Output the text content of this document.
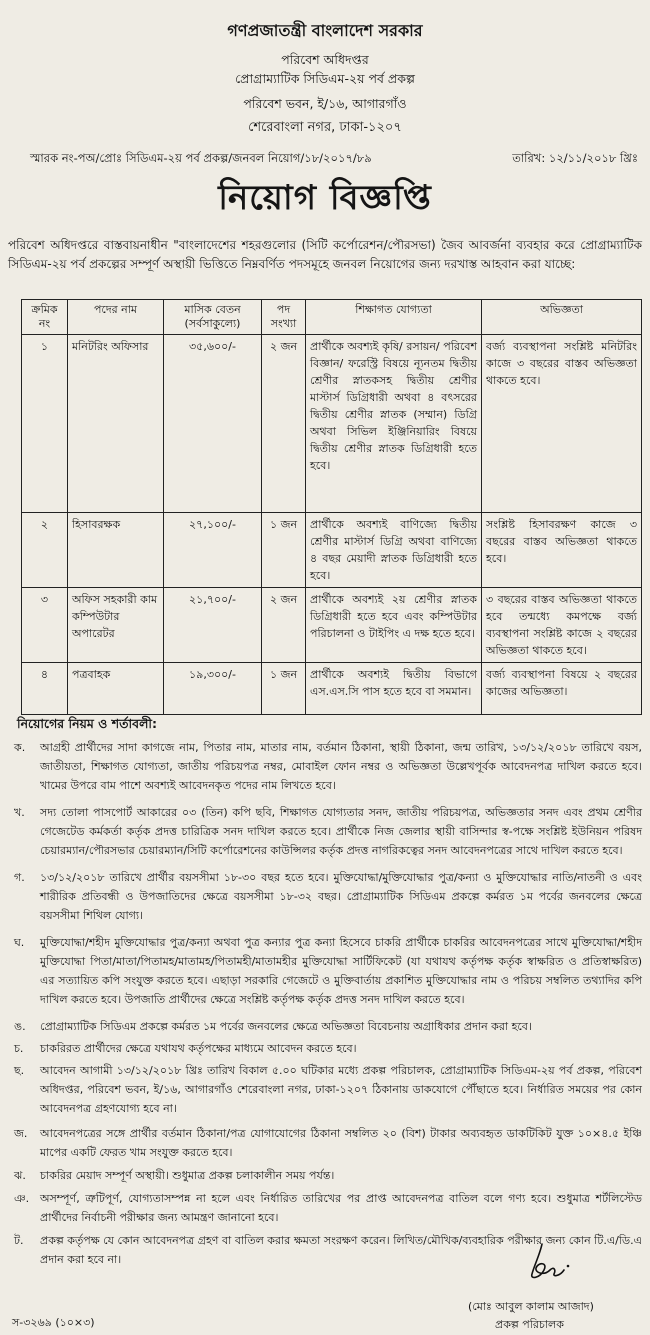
গণপ্রজাতন্ত্রী বাংলাদেশ সরকার
পরিবেশ অধিদপ্তর
প্রোগ্রাম্যাটিক সিডিএম-২য় পর্ব প্রকল্প
পরিবেশ ভবন, ই/১৬, আগারগাঁও
শেরেবাংলা নগর, ঢাকা-১২০৭
স্মারক নং-পঅ/প্রোঃ সিডিএম-২য় পর্ব প্রকল্প/জনবল নিয়োগ/১৮/২০১৭/৮৯	তারিখ: ১২/১১/২০১৮ খ্রিঃ
নিয়োগ বিজ্ঞপ্তি
পরিবেশ অধিদপ্তরে বাস্তবায়নাধীন "বাংলাদেশের শহরগুলোর (সিটি কর্পোরেশন/পৌরসভা) জৈব আবর্জনা ব্যবহার করে প্রোগ্রাম্যাটিক সিডিএম-২য় পর্ব প্রকল্পের সম্পূর্ণ অস্থায়ী ভিত্তিতে নিম্নবর্ণিত পদসমূহে জনবল নিয়োগের জন্য দরখাস্ত আহবান করা যাচ্ছে:
ক্রমিক নং	পদের নাম	মাসিক বেতন (সর্বসাকুল্যে)	পদ সংখ্যা	শিক্ষাগত যোগ্যতা	অভিজ্ঞতা
১	মনিটরিং অফিসার	৩৫,৬০০/-	২ জন	প্রার্থীকে অবশ্যই কৃষি/ রসায়ন/ পরিবেশ বিজ্ঞান/ ফরেস্ট্রি বিষয়ে ন্যূনতম দ্বিতীয় শ্রেণীর স্নাতকসহ দ্বিতীয় শ্রেণীর মাস্টার্স ডিগ্রিধারী অথবা ৪ বৎসরের দ্বিতীয় শ্রেণীর স্নাতক (সম্মান) ডিগ্রি অথবা সিভিল ইঞ্জিনিয়ারিং বিষয়ে দ্বিতীয় শ্রেণীর স্নাতক ডিগ্রিধারী হতে হবে।	বর্জ্য ব্যবস্থাপনা সংশ্লিষ্ট মনিটরিং কাজে ৩ বছরের বাস্তব অভিজ্ঞতা থাকতে হবে।
২	হিসাবরক্ষক	২৭,১০০/-	১ জন	প্রার্থীকে অবশ্যই বাণিজ্যে দ্বিতীয় শ্রেণীর মাস্টার্স ডিগ্রি অথবা বাণিজ্যে ৪ বছর মেয়াদী স্নাতক ডিগ্রিধারী হতে হবে।	সংশ্লিষ্ট হিসাবরক্ষণ কাজে ৩ বছরের বাস্তব অভিজ্ঞতা থাকতে হবে।
৩	অফিস সহকারী কাম কম্পিউটার অপারেটর	২১,৭০০/-	২ জন	প্রার্থীকে অবশ্যই ২য় শ্রেণীর স্নাতক ডিগ্রিধারী হতে হবে এবং কম্পিউটার পরিচালনা ও টাইপিং এ দক্ষ হতে হবে।	৩ বছরের বাস্তব অভিজ্ঞতা থাকতে হবে তন্মধ্যে কমপক্ষে বর্জ্য ব্যবস্থাপনা সংশ্লিষ্ট কাজে ২ বছরের অভিজ্ঞতা থাকতে হবে।
৪	পত্রবাহক	১৯,৩০০/-	১ জন	প্রার্থীকে অবশ্যই দ্বিতীয় বিভাগে এস.এস.সি পাস হতে হবে বা সমমান।	বর্জ্য ব্যবস্থাপনা বিষয়ে ২ বছরের কাজের অভিজ্ঞতা।
নিয়োগের নিয়ম ও শর্তাবলী:
ক.	আগ্রহী প্রার্থীদের সাদা কাগজে নাম, পিতার নাম, মাতার নাম, বর্তমান ঠিকানা, স্থায়ী ঠিকানা, জন্ম তারিখ, ১৩/১২/২০১৮ তারিখে বয়স, জাতীয়তা, শিক্ষাগত যোগ্যতা, জাতীয় পরিচয়পত্র নম্বর, মোবাইল ফোন নম্বর ও অভিজ্ঞতা উল্লেখপূর্বক আবেদনপত্র দাখিল করতে হবে। খামের উপরে বাম পাশে অবশ্যই আবেদনকৃত পদের নাম লিখতে হবে।
খ.	সদ্য তোলা পাসপোর্ট আকারের ০৩ (তিন) কপি ছবি, শিক্ষাগত যোগ্যতার সনদ, জাতীয় পরিচয়পত্র, অভিজ্ঞতার সনদ এবং প্রথম শ্রেণীর গেজেটেড কর্মকর্তা কর্তৃক প্রদত্ত চারিত্রিক সনদ দাখিল করতে হবে। প্রার্থীকে নিজ জেলার স্থায়ী বাসিন্দার স্ব-পক্ষে সংশ্লিষ্ট ইউনিয়ন পরিষদ চেয়ারম্যান/পৌরসভার চেয়ারম্যান/সিটি কর্পোরেশনের কাউন্সিলর কর্তৃক প্রদত্ত নাগরিকত্বের সনদ আবেদনপত্রের সাথে দাখিল করতে হবে।
গ.	১৩/১২/২০১৮ তারিখে প্রার্থীর বয়সসীমা ১৮-৩০ বছর হতে হবে। মুক্তিযোদ্ধা/মুক্তিযোদ্ধার পুত্র/কন্যা ও মুক্তিযোদ্ধার নাতি/নাতনী ও এবং শারীরিক প্রতিবন্ধী ও উপজাতিদের ক্ষেত্রে বয়সসীমা ১৮-৩২ বছর। প্রোগ্রাম্যাটিক সিডিএম প্রকল্পে কর্মরত ১ম পর্বের জনবলের ক্ষেত্রে বয়সসীমা শিথিল যোগ্য।
ঘ.	মুক্তিযোদ্ধা/শহীদ মুক্তিযোদ্ধার পুত্র/কন্যা অথবা পুত্র কন্যার পুত্র কন্যা হিসেবে চাকরি প্রার্থীকে চাকরির আবেদনপত্রের সাথে মুক্তিযোদ্ধা/শহীদ মুক্তিযোদ্ধা পিতা/মাতা/পিতামহ/মাতামহ/পিতামহী/মাতামহীর মুক্তিযোদ্ধা সার্টিফিকেট (যা যথাযথ কর্তৃপক্ষ কর্তৃক স্বাক্ষরিত ও প্রতিস্বাক্ষরিত) এর সত্যায়িত কপি সংযুক্ত করতে হবে। এছাড়া সরকারি গেজেটে ও মুক্তিবার্তায় প্রকাশিত মুক্তিযোদ্ধার নাম ও পরিচয় সম্বলিত তথ্যাদির কপি দাখিল করতে হবে। উপজাতি প্রার্থীদের ক্ষেত্রে সংশ্লিষ্ট কর্তৃপক্ষ কর্তৃক প্রদত্ত সনদ দাখিল করতে হবে।
ঙ.	প্রোগ্রাম্যাটিক সিডিএম প্রকল্পে কর্মরত ১ম পর্বের জনবলের ক্ষেত্রে অভিজ্ঞতা বিবেচনায় অগ্রাধিকার প্রদান করা হবে।
চ.	চাকরিরত প্রার্থীদের ক্ষেত্রে যথাযথ কর্তৃপক্ষের মাধ্যমে আবেদন করতে হবে।
ছ.	আবেদন আগামী ১৩/১২/২০১৮ খ্রিঃ তারিখ বিকাল ৫.০০ ঘটিকার মধ্যে প্রকল্প পরিচালক, প্রোগ্রাম্যাটিক সিডিএম-২য় পর্ব প্রকল্প, পরিবেশ অধিদপ্তর, পরিবেশ ভবন, ই/১৬, আগারগাঁও শেরেবাংলা নগর, ঢাকা-১২০৭ ঠিকানায় ডাকযোগে পৌঁছাতে হবে। নির্ধারিত সময়ের পর কোন আবেদনপত্র গ্রহণযোগ্য হবে না।
জ.	আবেদনপত্রের সঙ্গে প্রার্থীর বর্তমান ঠিকানা/পত্র যোগাযোগের ঠিকানা সম্বলিত ২০ (বিশ) টাকার অব্যবহৃত ডাকটিকিট যুক্ত ১০×৪.৫ ইঞ্চি মাপের একটি ফেরত খাম সংযুক্ত করতে হবে।
ঝ.	চাকরির মেয়াদ সম্পূর্ণ অস্থায়ী। শুধুমাত্র প্রকল্প চলাকালীন সময় পর্যন্ত।
ঞ. অসম্পূর্ণ, ত্রুটিপূর্ণ, যোগ্যতাসম্পন্ন না হলে এবং নির্ধারিত তারিখের পর প্রাপ্ত আবেদনপত্র বাতিল বলে গণ্য হবে। শুধুমাত্র শর্টলিস্টেড প্রার্থীদের নির্বাচনী পরীক্ষার জন্য আমন্ত্রণ জানানো হবে।
ট.	প্রকল্প কর্তৃপক্ষ যে কোন আবেদনপত্র গ্রহণ বা বাতিল করার ক্ষমতা সংরক্ষণ করেন। লিখিত/মৌখিক/ব্যবহারিক পরীক্ষার জন্য কোন টি.এ/ডি.এ প্রদান করা হবে না।
(মোঃ আবুল কালাম আজাদ)
প্রকল্প পরিচালক
স-৩২৬৯ (১০×৩)
